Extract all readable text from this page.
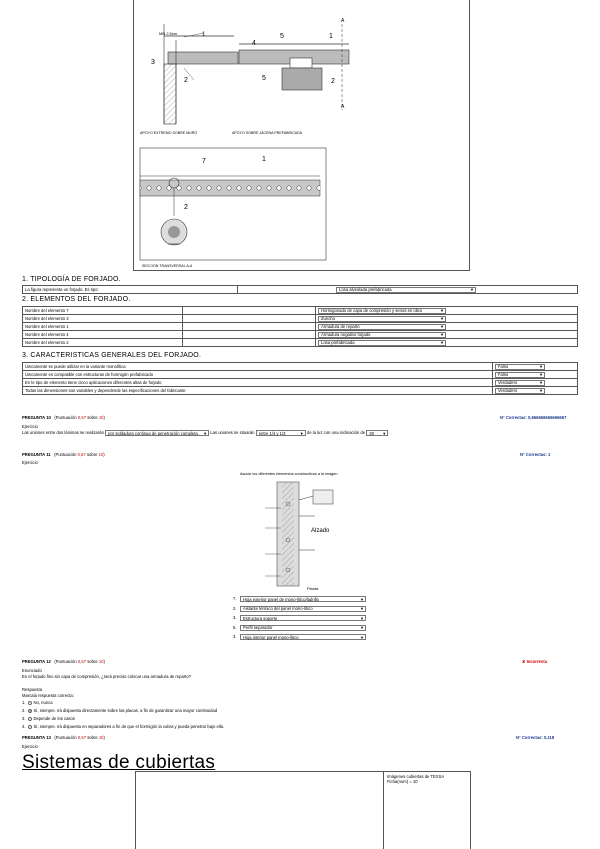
MN 2,5cm	1
3
2
APOYO EXTREMO SOBRE MURO
4
5	1
5	2
A
A
APOYO SOBRE JÁCENA PREFABRICADA
7	1
2
SECCIÓN TRANSVERSAL A-A
1. TIPOLOGÍA DE FORJADO.
La figura representa un forjado. Es tipo:	Losa alveolada prefabricada	▼
2. ELEMENTOS DEL FORJADO.
Nombre del elemento 7		Hormigonado de capa de compresión y senos en obra ▼

Nombre del elemento 3		Zuncho ▼

Nombre del elemento 1		Armadura de reparto ▼

Nombre del elemento 4		Armadura negativo forjado ▼

Nombre del elemento 2		Losa prefabricada ▼
3. CARACTERISTICAS GENERALES DEL FORJADO.
Únicamente se puede utilizar en la variante monolítica	Falso ▼

Únicamente es compatible con estructuras de hormigón prefabricado	Falso ▼

En le tipo de elemento tiene cinco aplicaciones diferentes altas de forjado	Verdadero ▼

Todas las dimensiones son variables y dependende las especificaciones del fabricante	Verdadero ▼
PREGUNTA 10 (Puntuación 0,67 sobre 10)	N° Correctas: 0,666666666666667
Ejercicio
Las uniones entre dos láminas se realizarán por soldadura continua de penetración completa. ▼ Las uniones se situarán entre 1/4 y 1/3	▼ de la luz con una inclinación de 30 ▼ .
PREGUNTA 11 (Puntuación 0,67 sobre 10)	N° Correctas: 1
Ejercicio
Asocie los diferentes elementos constructivos a la imagen
Alzado
Planta
7. Hoja exterior panel de mono-lítico/ladrillo	▼
2. Aislante térmico del panel mono-lítico	▼
3. Estructura soporte	▼
5. Perfil separador	▼
3. Hoja interior panel mono-lítico	▼
PREGUNTA 12 (Puntuación 0,67 sobre 10)	✘ Incorrecta
Enunciado
En el forjado fino sin capa de compresión, ¿será preciso colocar una armadura de reparto?
Respuesta
Marcala respuesta correcta:
1. No, nunca
2. Sí, siempre. Irá dispuesta directamente sobre las placas, a fin de garantizar una mayor continuidad
3. Depende de los casos
4. Sí, siempre. Irá dispuesta en separadores a fin de que el hormigón la cubra y pueda penetrar bajo ella.
PREGUNTA 13 (Puntuación 0,67 sobre 10)	N° Correctas: 0,118
Ejercicio
Sistemas de cubiertas
Imágenes cubiertas de TEXSA
Ficha(num) = 10
